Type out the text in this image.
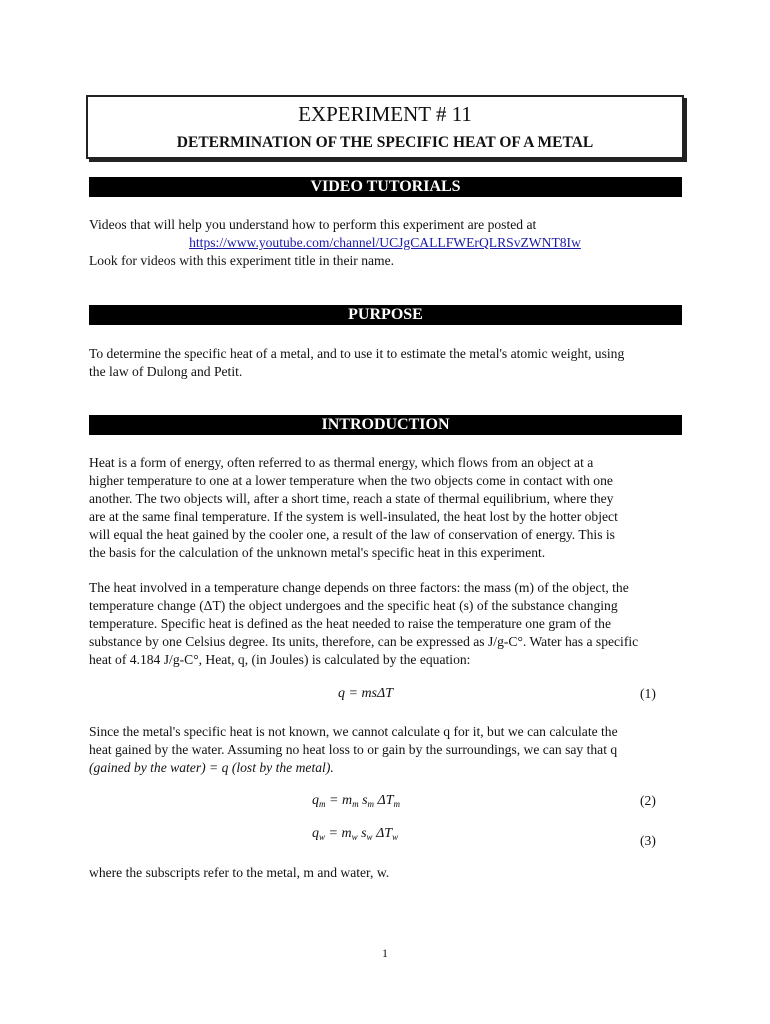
EXPERIMENT # 11
DETERMINATION OF THE SPECIFIC HEAT OF A METAL
VIDEO TUTORIALS
Videos that will help you understand how to perform this experiment are posted at
https://www.youtube.com/channel/UCJgCALLFWErQLRSvZWNT8Iw
Look for videos with this experiment title in their name.
PURPOSE
To determine the specific heat of a metal, and to use it to estimate the metal's atomic weight, using
the law of Dulong and Petit.
INTRODUCTION
Heat is a form of energy, often referred to as thermal energy, which flows from an object at a
higher temperature to one at a lower temperature when the two objects come in contact with one
another. The two objects will, after a short time, reach a state of thermal equilibrium, where they
are at the same final temperature. If the system is well-insulated, the heat lost by the hotter object
will equal the heat gained by the cooler one, a result of the law of conservation of energy. This is
the basis for the calculation of the unknown metal's specific heat in this experiment.
The heat involved in a temperature change depends on three factors: the mass (m) of the object, the
temperature change (ΔT) the object undergoes and the specific heat (s) of the substance changing
temperature. Specific heat is defined as the heat needed to raise the temperature one gram of the
substance by one Celsius degree. Its units, therefore, can be expressed as J/g-C°. Water has a specific
heat of 4.184 J/g-C°, Heat, q, (in Joules) is calculated by the equation:
q = msΔT	(1)
Since the metal's specific heat is not known, we cannot calculate q for it, but we can calculate the
heat gained by the water. Assuming no heat loss to or gain by the surroundings, we can say that q
(gained by the water) = q (lost by the metal).
$q_m = m_m$ $s_m$ $\Delta T_m$	(2)
$q_w = m_w$ $s_w$ $\Delta T_w$	(3)
where the subscripts refer to the metal, m and water, w.
1
